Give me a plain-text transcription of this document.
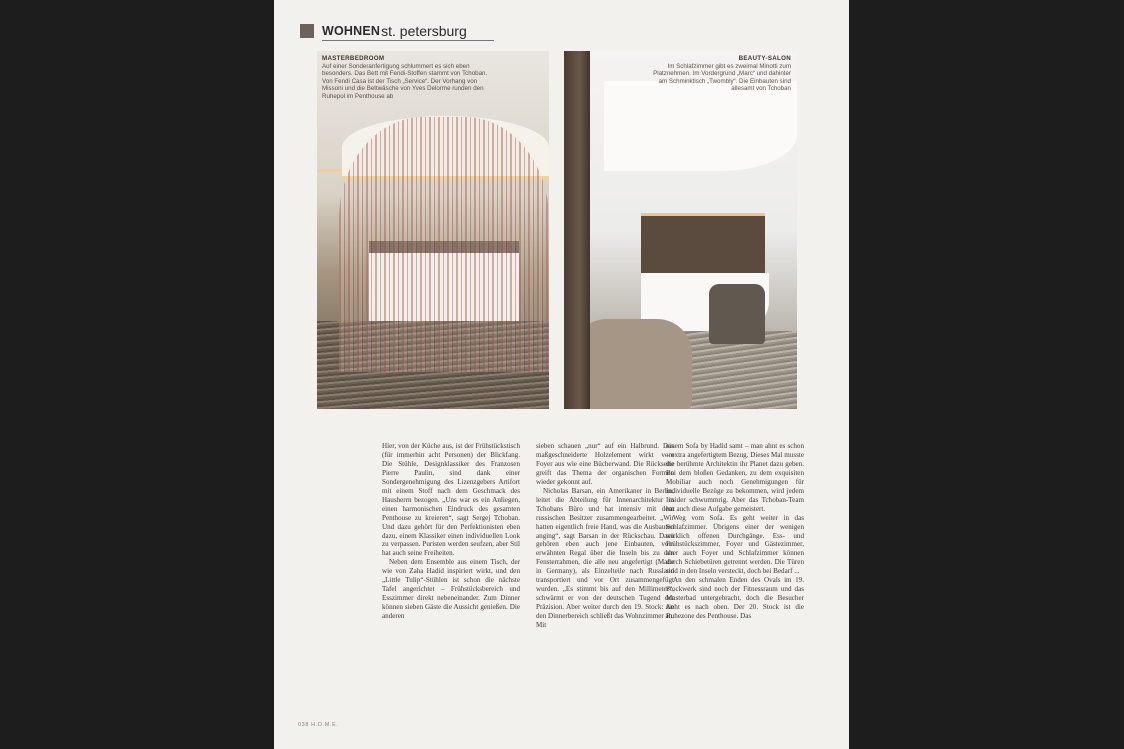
WOHNEN st. petersburg
MASTERBEDROOM
Auf einer Sonderanfertigung schlummert es sich eben besonders. Das Bett mit Fendi-Stoffen stammt von Tchoban. Von Fendi Casa ist der Tisch „Service“. Der Vorhang von Missoni und die Bettwäsche von Yves Delorme runden den Ruhepol im Penthouse ab
BEAUTY-SALON
Im Schlafzimmer gibt es zweimal Minotti zum Platznehmen. Im Vordergrund „Marc“ und dahinter am Schminktisch „Twombly“. Die Einbauten sind allesamt von Tchoban

Hier, von der Küche aus, ist der Frühstückstisch (für immerhin acht Personen) der Blickfang. Die Stühle, Designklassiker des Franzosen Pierre Paulin, sind dank einer Sondergenehmigung des Lizenzgebers Artifort mit einem Stoff nach dem Geschmack des Hausherrn bezogen. „Uns war es ein Anliegen, einen harmonischen Eindruck des gesamten Penthouse zu kreieren“, sagt Sergej Tchoban. Und dazu gehört für den Perfektionisten eben dazu, einem Klassiker einen individuellen Look zu verpassen. Puristen werden seufzen, aber Stil hat auch seine Freiheiten.

Neben dem Ensemble aus einem Tisch, der wie von Zaha Hadid inspiriert wirkt, und den „Little Tulip“-Stühlen ist schon die nächste Tafel angerichtet – Frühstücksbereich und Esszimmer direkt nebeneinander. Zum Dinner können sieben Gäste die Aussicht genießen. Die anderen

sieben schauen „nur“ auf ein Halbrund. Das maßgeschneiderte Holzelement wirkt vom Foyer aus wie eine Bücherwand. Die Rückseite greift das Thema der organischen Formen wieder gekonnt auf.

Nicholas Barsan, ein Amerikaner in Berlin, leitet die Abteilung für Innenarchitektur in Tchobans Büro und hat intensiv mit dem russischen Besitzer zusammengearbeitet. „Wir hatten eigentlich freie Hand, was die Ausbauten anging“, sagt Barsan in der Rückschau. Dazu gehören eben auch jene Einbauten, vom erwähnten Regal über die Inseln bis zu den Fensterrahmen, die alle neu angefertigt (Made in Germany), als Einzelteile nach Russland transportiert und vor Ort zusammengefügt wurden. „Es stimmt bis auf den Millimeter“, schwärmt er von der deutschen Tugend der Präzision. Aber weiter durch den 19. Stock: An den Dinnerbereich schließt das Wohnzimmer an. Mit

einem Sofa by Hadid samt – man ahnt es schon – extra angefertigtem Bezug. Dieses Mal musste die berühmte Architektin ihr Planet dazu geben. Bei dem bloßen Gedanken, zu dem exquisiten Mobiliar auch noch Genehmigungen für individuelle Bezüge zu bekommen, wird jedem Insider schwummrig. Aber das Tchoban-Team hat auch diese Aufgabe gemeistert.

Weg vom Sofa. Es geht weiter in das Schlafzimmer. Übrigens einer der wenigen wirklich offenen Durchgänge. Ess- und Frühstückszimmer, Foyer und Gästezimmer, aber auch Foyer und Schlafzimmer können durch Schiebetüren getrennt werden. Die Türen sind in den Inseln versteckt, doch bei Bedarf ...

An den schmalen Enden des Ovals im 19. Stockwerk sind noch der Fitnessraum und das Masterbad untergebracht, doch die Besucher zieht es nach oben. Der 20. Stock ist die Ruhezone des Penthouse. Das

038 H.O.M.E.
